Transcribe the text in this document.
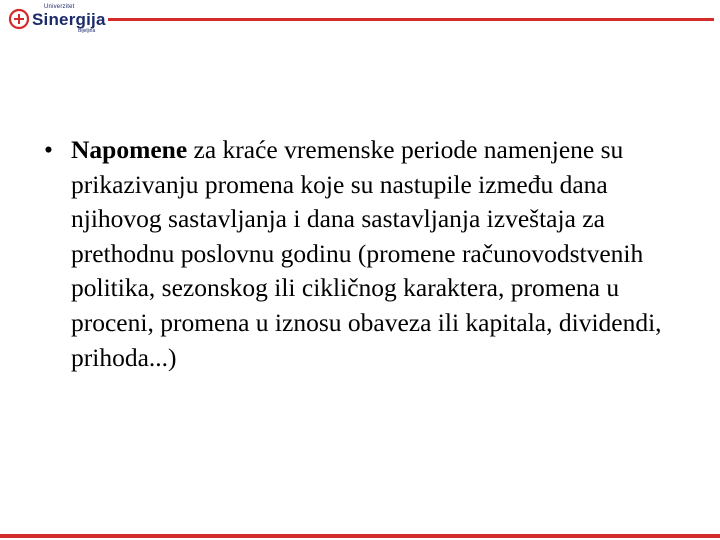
Univerzitet
Sinergija
Bijeljina
• Napomene za kraće vremenske periode namenjene su prikazivanju promena koje su nastupile između dana njihovog sastavljanja i dana sastavljanja izveštaja za prethodnu poslovnu godinu (promene računovodstvenih politika, sezonskog ili cikličnog karaktera, promena u proceni, promena u iznosu obaveza ili kapitala, dividendi, prihoda...)
